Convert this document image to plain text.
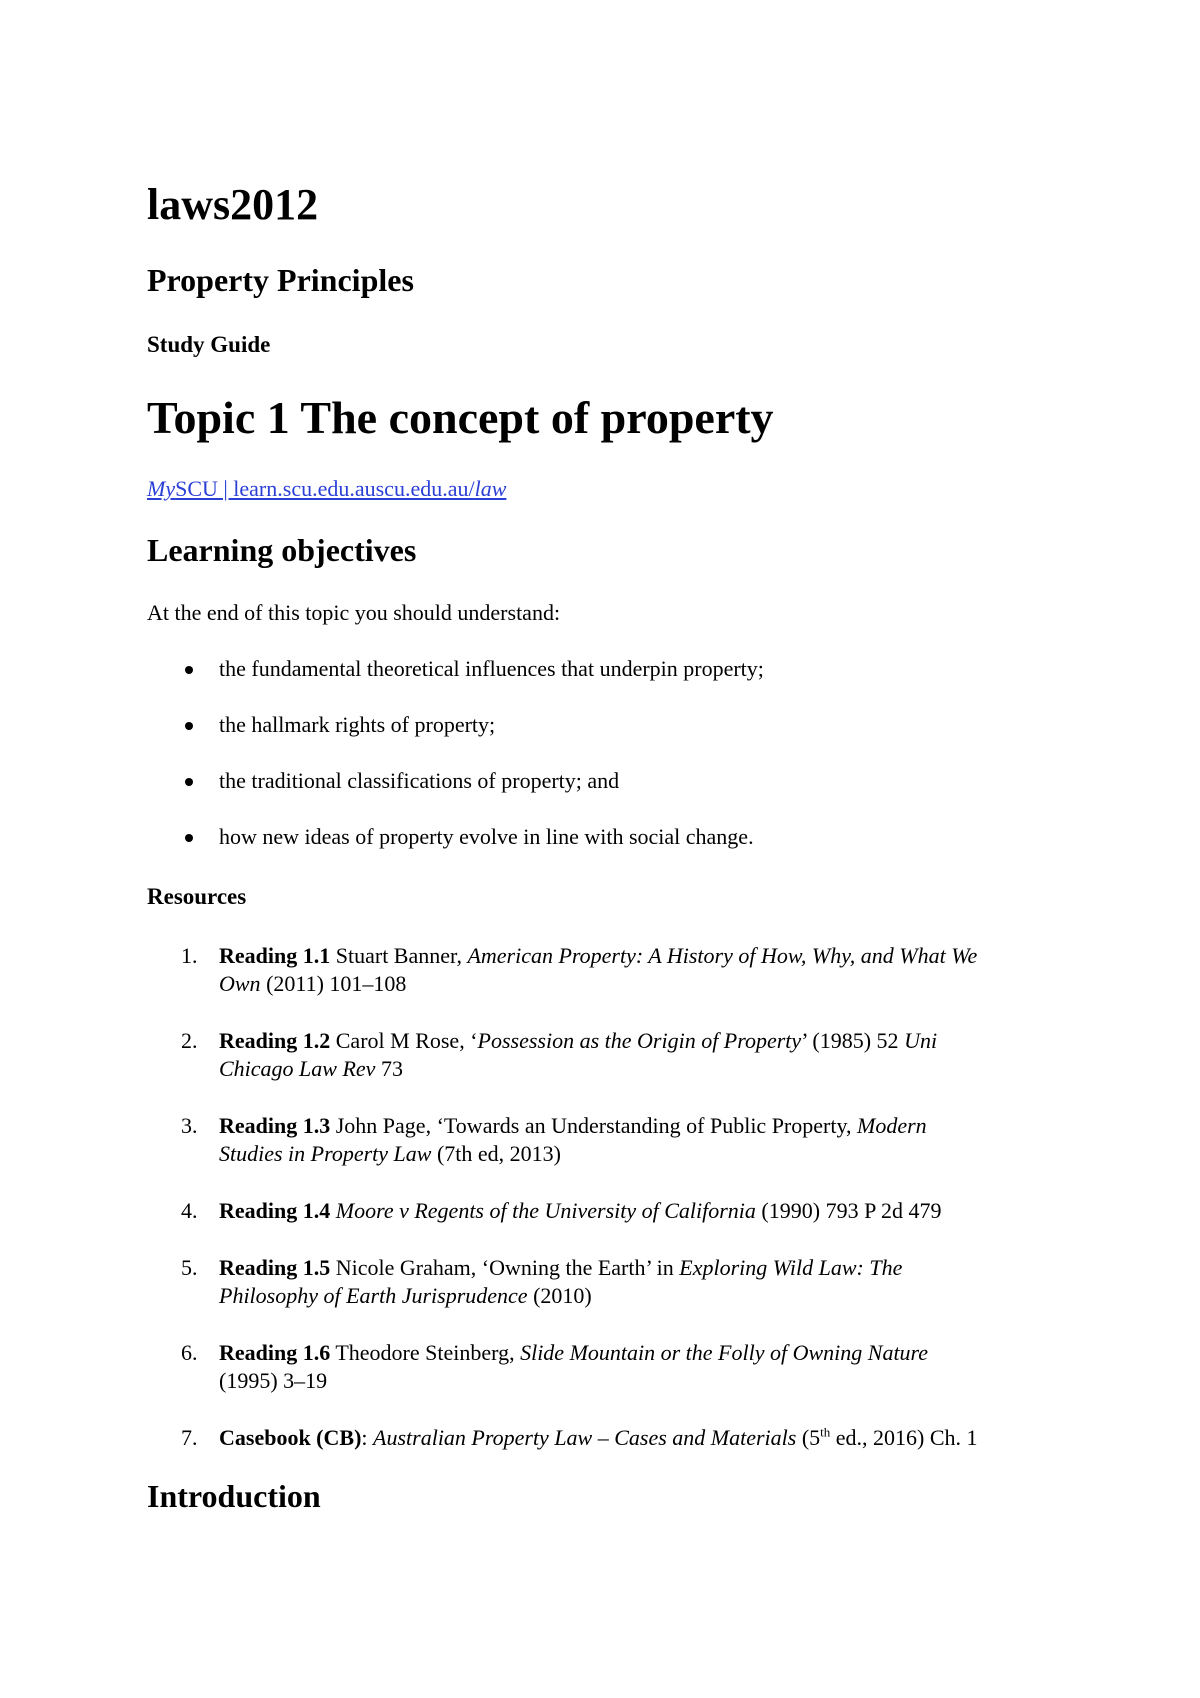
laws2012
Property Principles
Study Guide
Topic 1 The concept of property
MySCU | learn.scu.edu.auscu.edu.au/law
Learning objectives
At the end of this topic you should understand:
the fundamental theoretical influences that underpin property;
the hallmark rights of property;
the traditional classifications of property; and
how new ideas of property evolve in line with social change.
Resources
1. Reading 1.1 Stuart Banner, American Property: A History of How, Why, and What We
Own (2011) 101–108
2. Reading 1.2 Carol M Rose, ‘Possession as the Origin of Property’ (1985) 52 Uni
Chicago Law Rev 73
3. Reading 1.3 John Page, ‘Towards an Understanding of Public Property, Modern
Studies in Property Law (7th ed, 2013)
4. Reading 1.4 Moore v Regents of the University of California (1990) 793 P 2d 479
5. Reading 1.5 Nicole Graham, ‘Owning the Earth’ in Exploring Wild Law: The
Philosophy of Earth Jurisprudence (2010)
6. Reading 1.6 Theodore Steinberg, Slide Mountain or the Folly of Owning Nature
(1995) 3–19
7. Casebook (CB): Australian Property Law – Cases and Materials (5th ed., 2016) Ch. 1
Introduction
